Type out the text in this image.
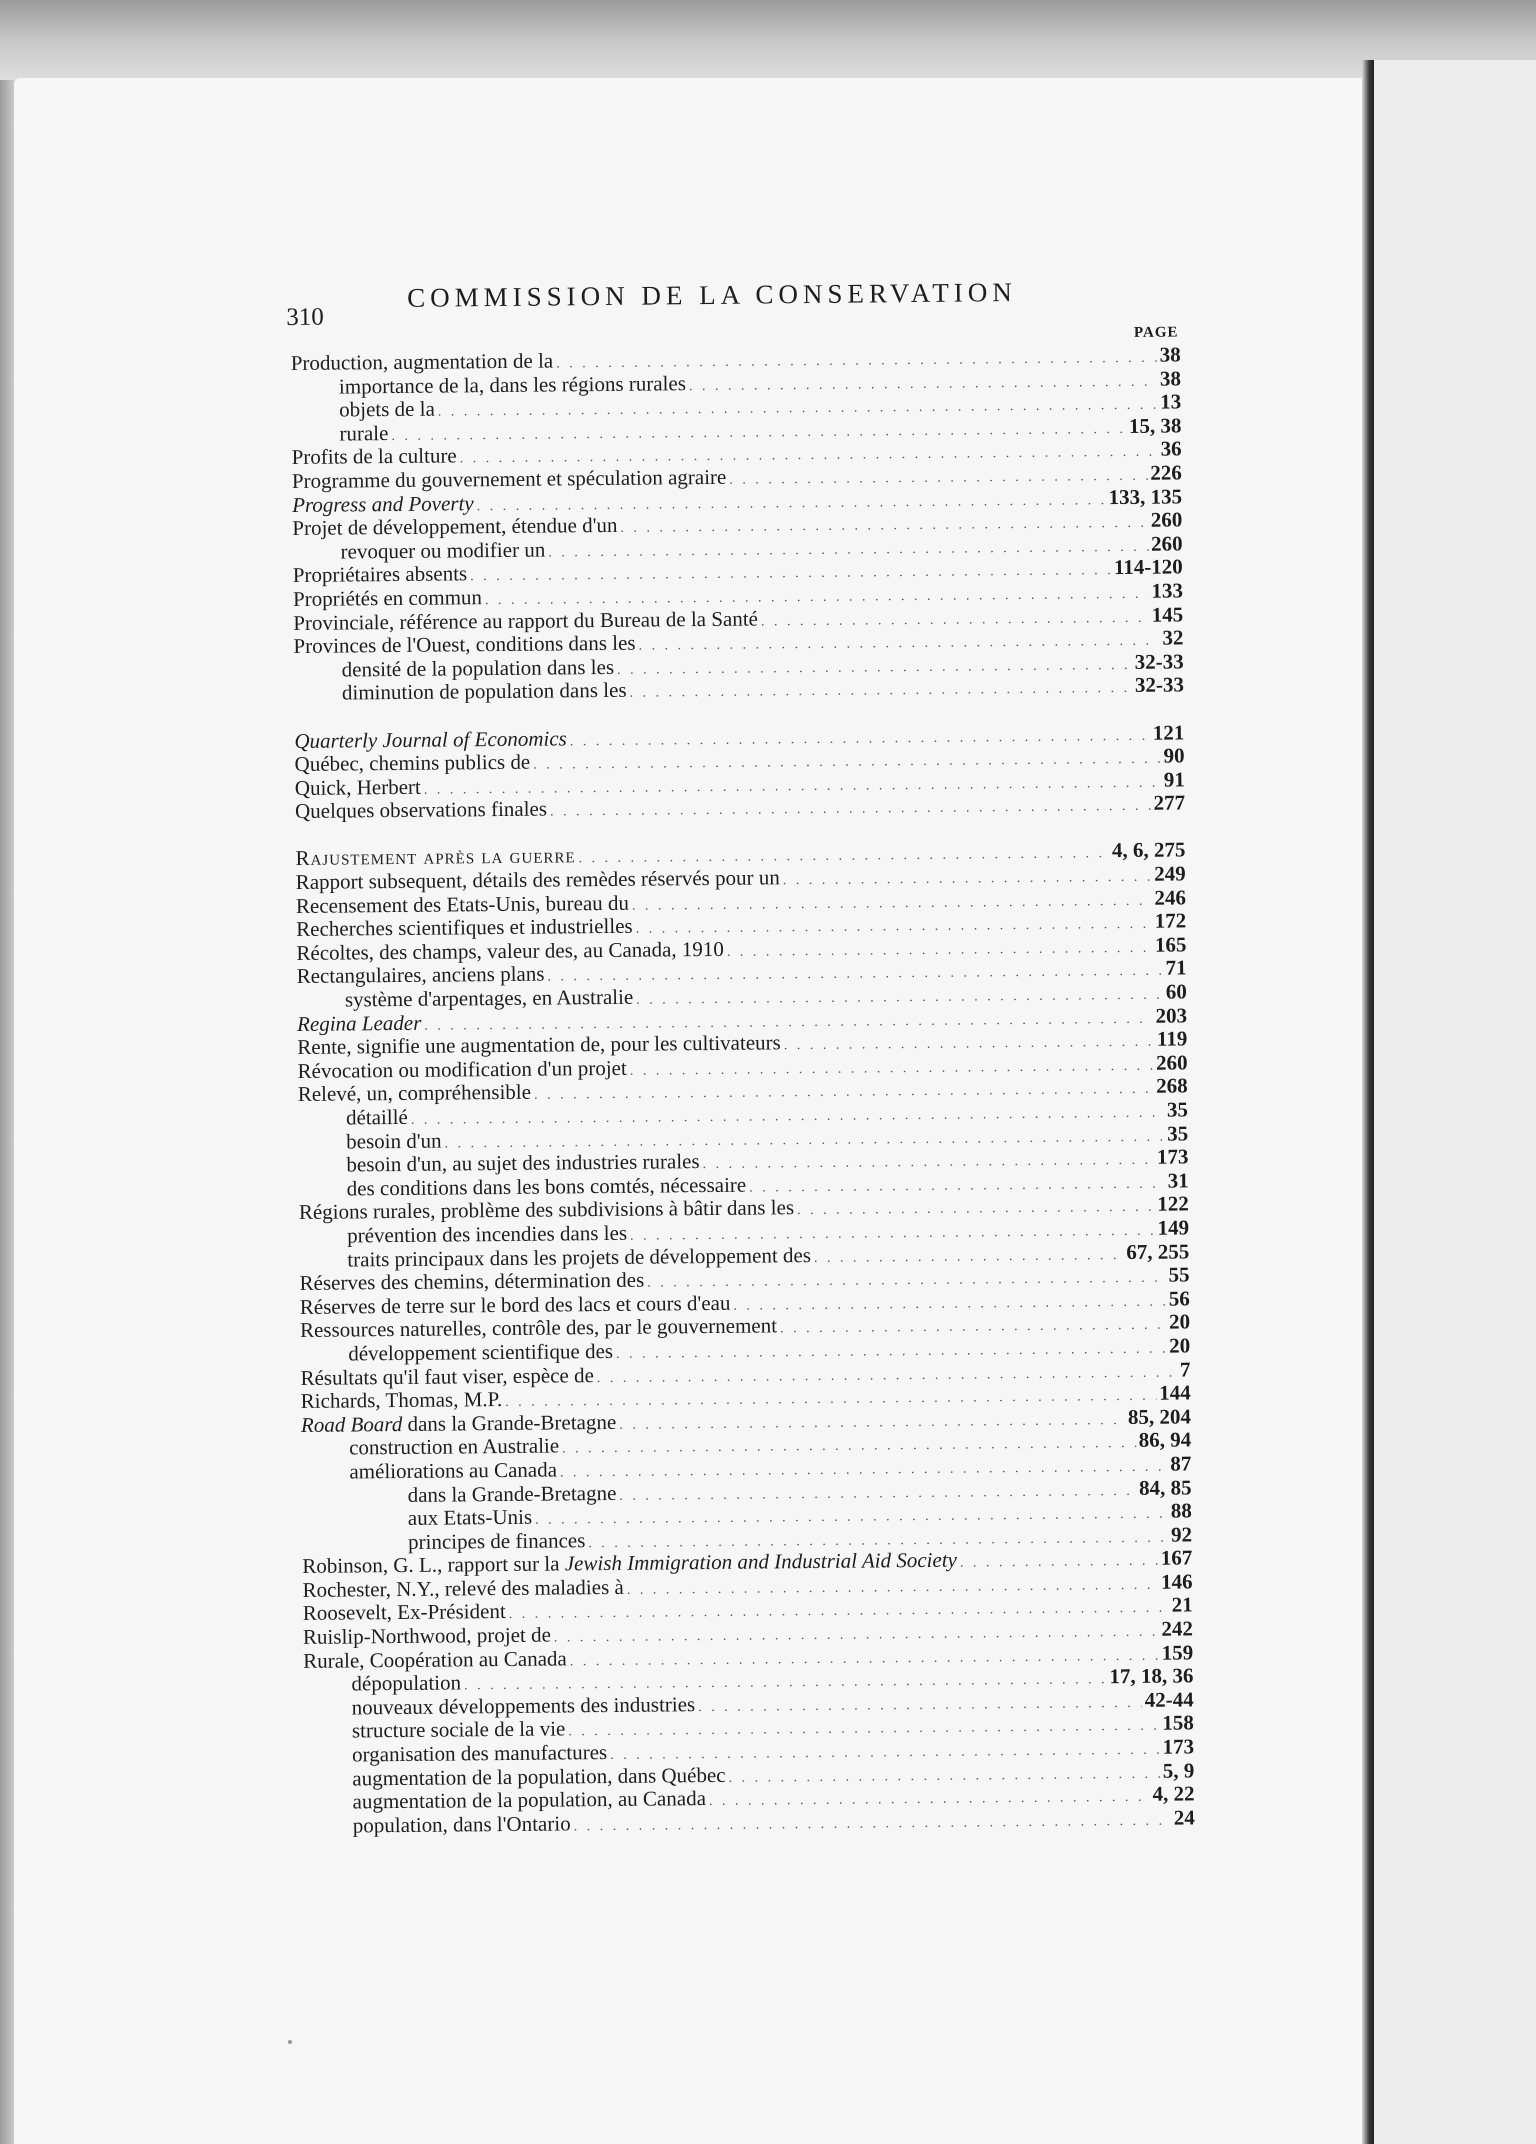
310
COMMISSION DE LA CONSERVATION
PAGE
Production, augmentation de la . . .	38
importance de la, dans les régions rurales . . .	38
objets de la . . .	13
rurale . . .	15, 38
Profits de la culture . . .	36
Programme du gouvernement et spéculation agraire . . .	226
Progress and Poverty . . .	133, 135
Projet de développement, étendue d'un . . .	260
revoquer ou modifier un . . .	260
Propriétaires absents . . .	114-120
Propriétés en commun . . .	133
Provinciale, référence au rapport du Bureau de la Santé . . .	145
Provinces de l'Ouest, conditions dans les . . .	32
densité de la population dans les . . .	32-33
diminution de population dans les . . .	32-33
Quarterly Journal of Economics . . .	121
Québec, chemins publics de . . .	90
Quick, Herbert . . .	91
Quelques observations finales . . .	277
Rajustement après la guerre . . .	4, 6, 275
Rapport subsequent, détails des remèdes réservés pour un . . .	249
Recensement des Etats-Unis, bureau du . . .	246
Recherches scientifiques et industrielles . . .	172
Récoltes, des champs, valeur des, au Canada, 1910 . . .	165
Rectangulaires, anciens plans . . .	71
système d'arpentages, en Australie . . .	60
Regina Leader . . .	203
Rente, signifie une augmentation de, pour les cultivateurs . . .	119
Révocation ou modification d'un projet . . .	260
Relevé, un, compréhensible . . .	268
détaillé . . .	35
besoin d'un . . .	35
besoin d'un, au sujet des industries rurales . . .	173
des conditions dans les bons comtés, nécessaire . . .	31
Régions rurales, problème des subdivisions à bâtir dans les . . .	122
prévention des incendies dans les . . .	149
traits principaux dans les projets de développement des . . .	67, 255
Réserves des chemins, détermination des . . .	55
Réserves de terre sur le bord des lacs et cours d'eau . . .	56
Ressources naturelles, contrôle des, par le gouvernement . . .	20
développement scientifique des . . .	20
Résultats qu'il faut viser, espèce de . . .	7
Richards, Thomas, M.P. . . .	144
Road Board dans la Grande-Bretagne . . .	85, 204
construction en Australie . . .	86, 94
améliorations au Canada . . .	87
dans la Grande-Bretagne . . .	84, 85
aux Etats-Unis . . .	88
principes de finances . . .	92
Robinson, G. L., rapport sur la Jewish Immigration and Industrial Aid Society . . .	167
Rochester, N.Y., relevé des maladies à . . .	146
Roosevelt, Ex-Président . . .	21
Ruislip-Northwood, projet de . . .	242
Rurale, Coopération au Canada . . .	159
dépopulation . . .	17, 18, 36
nouveaux développements des industries . . .	42-44
structure sociale de la vie . . .	158
organisation des manufactures . . .	173
augmentation de la population, dans Québec . . .	5, 9
augmentation de la population, au Canada . . .	4, 22
population, dans l'Ontario . . .	24
